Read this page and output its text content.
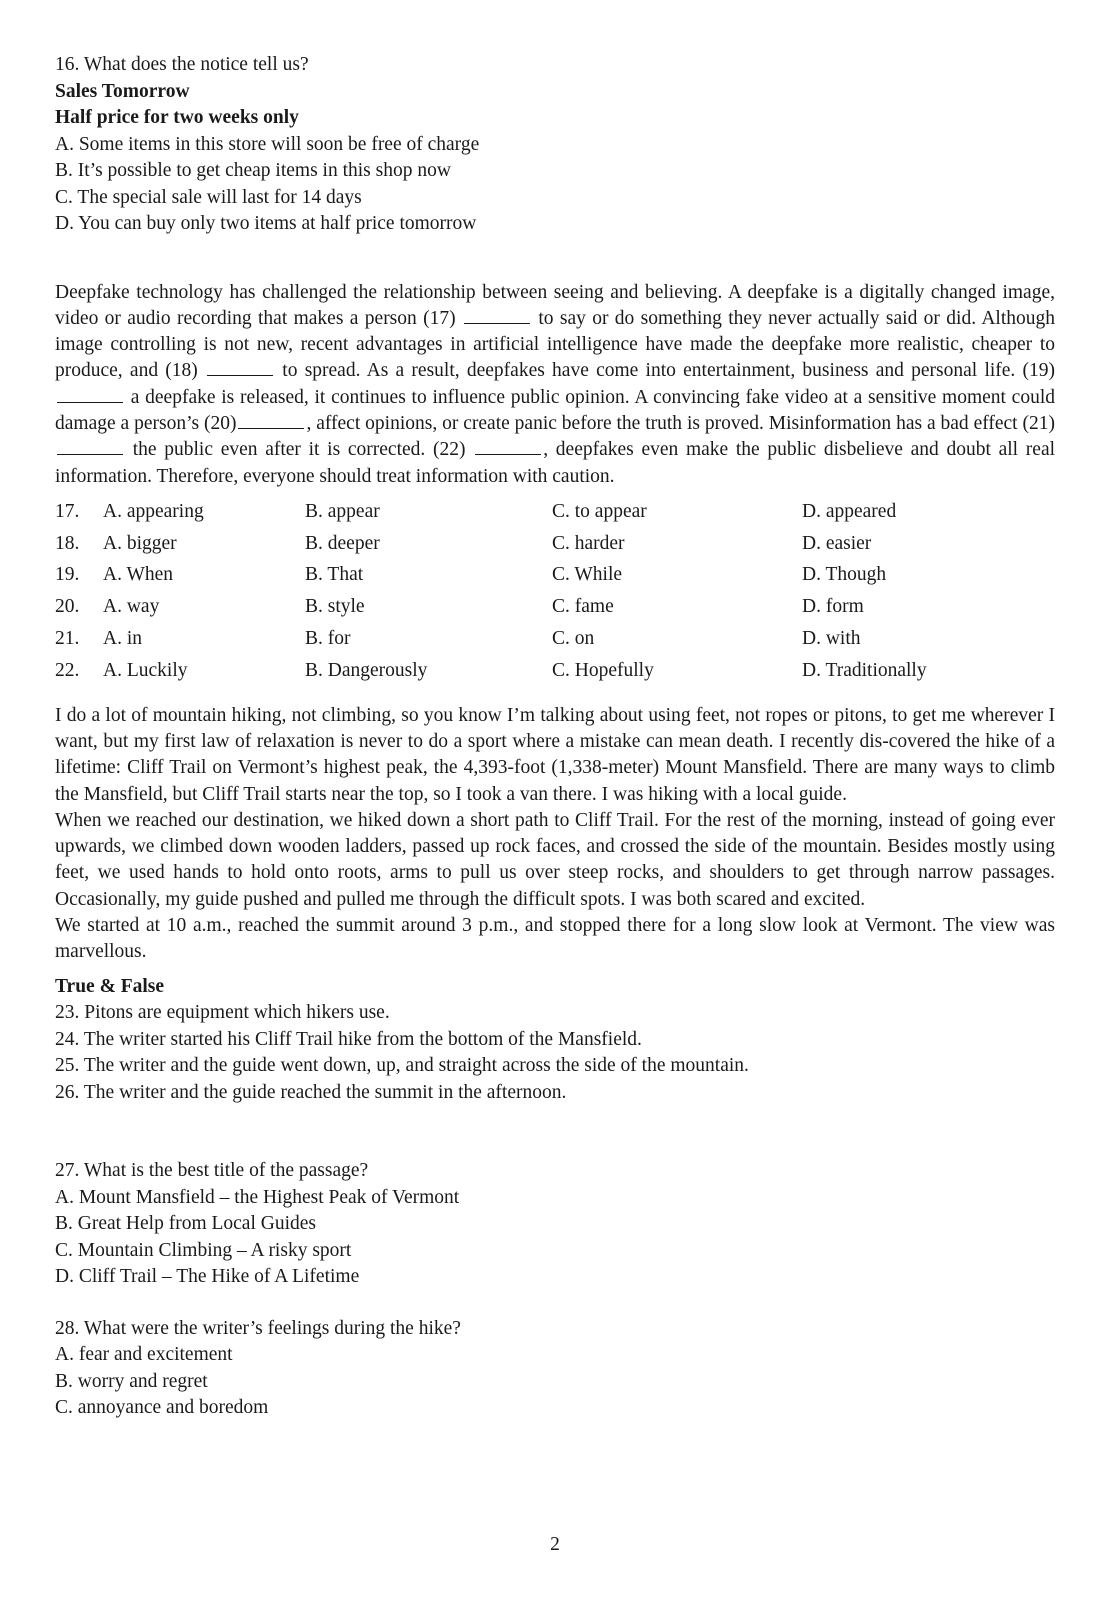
16. What does the notice tell us?
Sales Tomorrow
Half price for two weeks only
A. Some items in this store will soon be free of charge
B. It’s possible to get cheap items in this shop now
C. The special sale will last for 14 days
D. You can buy only two items at half price tomorrow
Deepfake technology has challenged the relationship between seeing and believing. A deepfake is a digitally changed image, video or audio recording that makes a person (17)	to say or do something they never actually said or did. Although image controlling is not new, recent advantages in artificial intelligence have made the deepfake more realistic, cheaper to produce, and (18)	to spread. As a result, deepfakes have come into entertainment, business and personal life. (19)  a deepfake is released, it continues to influence public opinion. A convincing fake video at a sensitive moment could damage a person’s (20)	, affect opinions, or create panic before the truth is proved. Misinformation has a bad effect (21)  the public even after it is corrected. (22)	, deepfakes even make the public disbelieve and doubt all real information. Therefore, everyone should treat information with caution.
17. A. appearing	B. appear	C. to appear	D. appeared
18. A. bigger	B. deeper	C. harder	D. easier
19. A. When	B. That	C. While	D. Though
20. A. way	B. style	C. fame	D. form
21. A. in	B. for	C. on	D. with
22. A. Luckily	B. Dangerously	C. Hopefully	D. Traditionally
I do a lot of mountain hiking, not climbing, so you know I’m talking about using feet, not ropes or pitons, to get me wherever I want, but my first law of relaxation is never to do a sport where a mistake can mean death. I recently dis-covered the hike of a lifetime: Cliff Trail on Vermont’s highest peak, the 4,393-foot (1,338-meter) Mount Mansfield. There are many ways to climb the Mansfield, but Cliff Trail starts near the top, so I took a van there. I was hiking with a local guide.
When we reached our destination, we hiked down a short path to Cliff Trail. For the rest of the morning, instead of going ever upwards, we climbed down wooden ladders, passed up rock faces, and crossed the side of the mountain. Besides mostly using feet, we used hands to hold onto roots, arms to pull us over steep rocks, and shoulders to get through narrow passages. Occasionally, my guide pushed and pulled me through the difficult spots. I was both scared and excited.
We started at 10 a.m., reached the summit around 3 p.m., and stopped there for a long slow look at Vermont. The view was marvellous.
True & False
23. Pitons are equipment which hikers use.
24. The writer started his Cliff Trail hike from the bottom of the Mansfield.
25. The writer and the guide went down, up, and straight across the side of the mountain.
26. The writer and the guide reached the summit in the afternoon.
27. What is the best title of the passage?
A. Mount Mansfield – the Highest Peak of Vermont
B. Great Help from Local Guides
C. Mountain Climbing – A risky sport
D. Cliff Trail – The Hike of A Lifetime
28. What were the writer’s feelings during the hike?
A. fear and excitement
B. worry and regret
C. annoyance and boredom
2
